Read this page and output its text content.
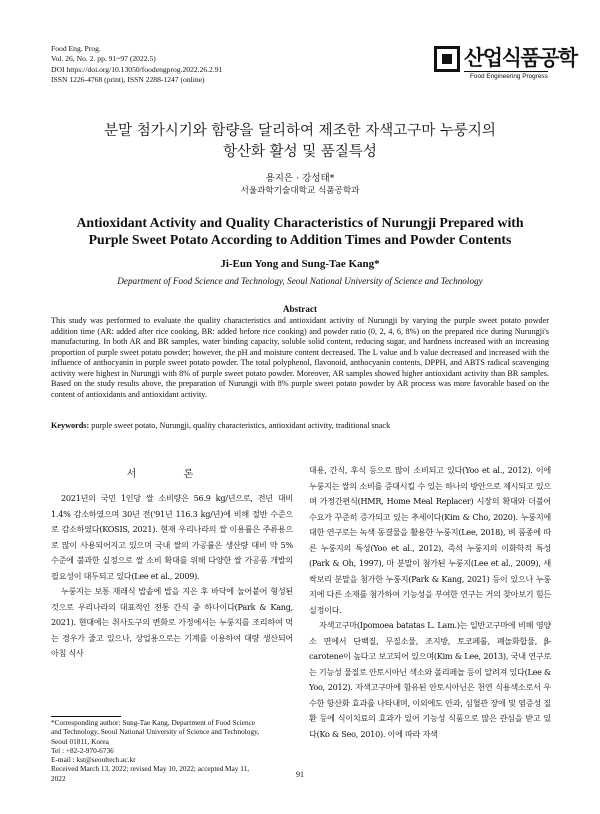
Food Eng. Prog.
Vol. 26, No. 2. pp. 91~97 (2022.5)
DOI https://doi.org/10.13050/foodengprog.2022.26.2.91
ISSN 1226-4768 (print), ISSN 2288-1247 (online)
산업식품공학
Food Engineering Progress
분말 첨가시기와 함량을 달리하여 제조한 자색고구마 누룽지의
항산화 활성 및 품질특성
용지은 · 강성태*
서울과학기술대학교 식품공학과
Antioxidant Activity and Quality Characteristics of Nurungji Prepared with
Purple Sweet Potato According to Addition Times and Powder Contents
Ji-Eun Yong and Sung-Tae Kang*
Department of Food Science and Technology, Seoul National University of Science and Technology
Abstract
This study was performed to evaluate the quality characteristics and antioxidant activity of Nurungji by varying the purple sweet potato powder addition time (AR: added after rice cooking, BR: added before rice cooking) and powder ratio (0, 2, 4, 6, 8%) on the prepared rice during Nurungji's manufacturing. In both AR and BR samples, water binding capacity, soluble solid content, reducing sugar, and hardness increased with an increasing proportion of purple sweet potato powder; however, the pH and moisture content decreased. The L value and b value decreased and increased with the influence of anthocyanin in purple sweet potato powder. The total polyphenol, flavonoid, anthocyanin contents, DPPH, and ABTS radical scavenging activity were highest in Nurungji with 8% of purple sweet potato powder. Moreover, AR samples showed higher antioxidant activity than BR samples. Based on the study results above, the preparation of Nurungji with 8% purple sweet potato powder by AR process was more favorable based on the content of antioxidants and antioxidant activity.
Keywords: purple sweet potato, Nurungji, quality characteristics, antioxidant activity, traditional snack
서 론

2021년의 국민 1인당 쌀 소비량은 56.9 kg/년으로, 전년 대비 1.4% 감소하였으며 30년 전('91년 116.3 kg/년)에 비해 절반 수준으로 감소하였다(KOSIS, 2021). 현재 우리나라의 쌀 이용률은 주류용으로 많이 사용되어지고 있으며 국내 쌀의 가공률은 생산량 대비 약 5% 수준에 불과한 실정으로 쌀 소비 확대를 위해 다양한 쌀 가공품 개발의 필요성이 대두되고 있다(Lee et al., 2009).

누룽지는 보통 재래식 밥솥에 밥을 지은 후 바닥에 눌어붙어 형성된 것으로 우리나라의 대표적인 전통 간식 중 하나이다(Park & Kang, 2021). 현대에는 취사도구의 변화로 가정에서는 누룽지를 조리하여 먹는 경우가 줄고 있으나, 상업용으로는 기계를 이용하여 대량 생산되어 아침 식사

대용, 간식, 후식 등으로 많이 소비되고 있다(Yoo et al., 2012). 이에 누룽지는 쌀의 소비를 증대시킬 수 있는 하나의 방안으로 제시되고 있으며 가정간편식(HMR, Home Meal Replacer) 시장의 확대와 더불어 수요가 꾸준히 증가되고 있는 추세이다(Kim & Cho, 2020). 누룽지에 대한 연구로는 녹색 동결물을 활용한 누룽지(Lee, 2018), 벼 품종에 따른 누룽지의 특성(Yoo et al., 2012), 즉석 누룽지의 이화학적 특성(Park & Oh, 1997), 마 분말이 첨가된 누룽지(Lee et al., 2009), 새싹보리 분말을 첨가한 누룽지(Park & Kang, 2021) 등이 있으나 누룽지에 다른 소재를 첨가하여 기능성을 부여한 연구는 거의 찾아보기 힘든 실정이다.

자색고구마(Ipomoea batatas L. Lam.)는 일반고구마에 비해 영양소 면에서 단백질, 무질소물, 조지방, 토코페롤, 폐놀화합물, β-carotene이 높다고 보고되어 있으며(Kim & Lee, 2013), 국내 연구로는 기능성 물질로 안토시아닌 색소와 폴리페놀 등이 알려져 있다(Lee & Yoo, 2012). 자색고구마에 함유된 안토시아닌은 천연 식용색소로서 우수한 항산화 효과를 나타내며, 이외에도 안과, 심혈관 장애 및 염증성 질환 등에 식이치료의 효과가 있어 기능성 식품으로 많은 관심을 받고 있다(Ko & Seo, 2010). 이에 따라 자색

*Corresponding author: Sung-Tae Kang, Department of Food Science
and Technology, Seoul National University of Science and Technology,
Seoul 01811, Korea
Tel : +82-2-970-6736
E-mail : kst@seoultech.ac.kr
Received March 13, 2022; revised May 10, 2022; accepted May 11,
2022	91
